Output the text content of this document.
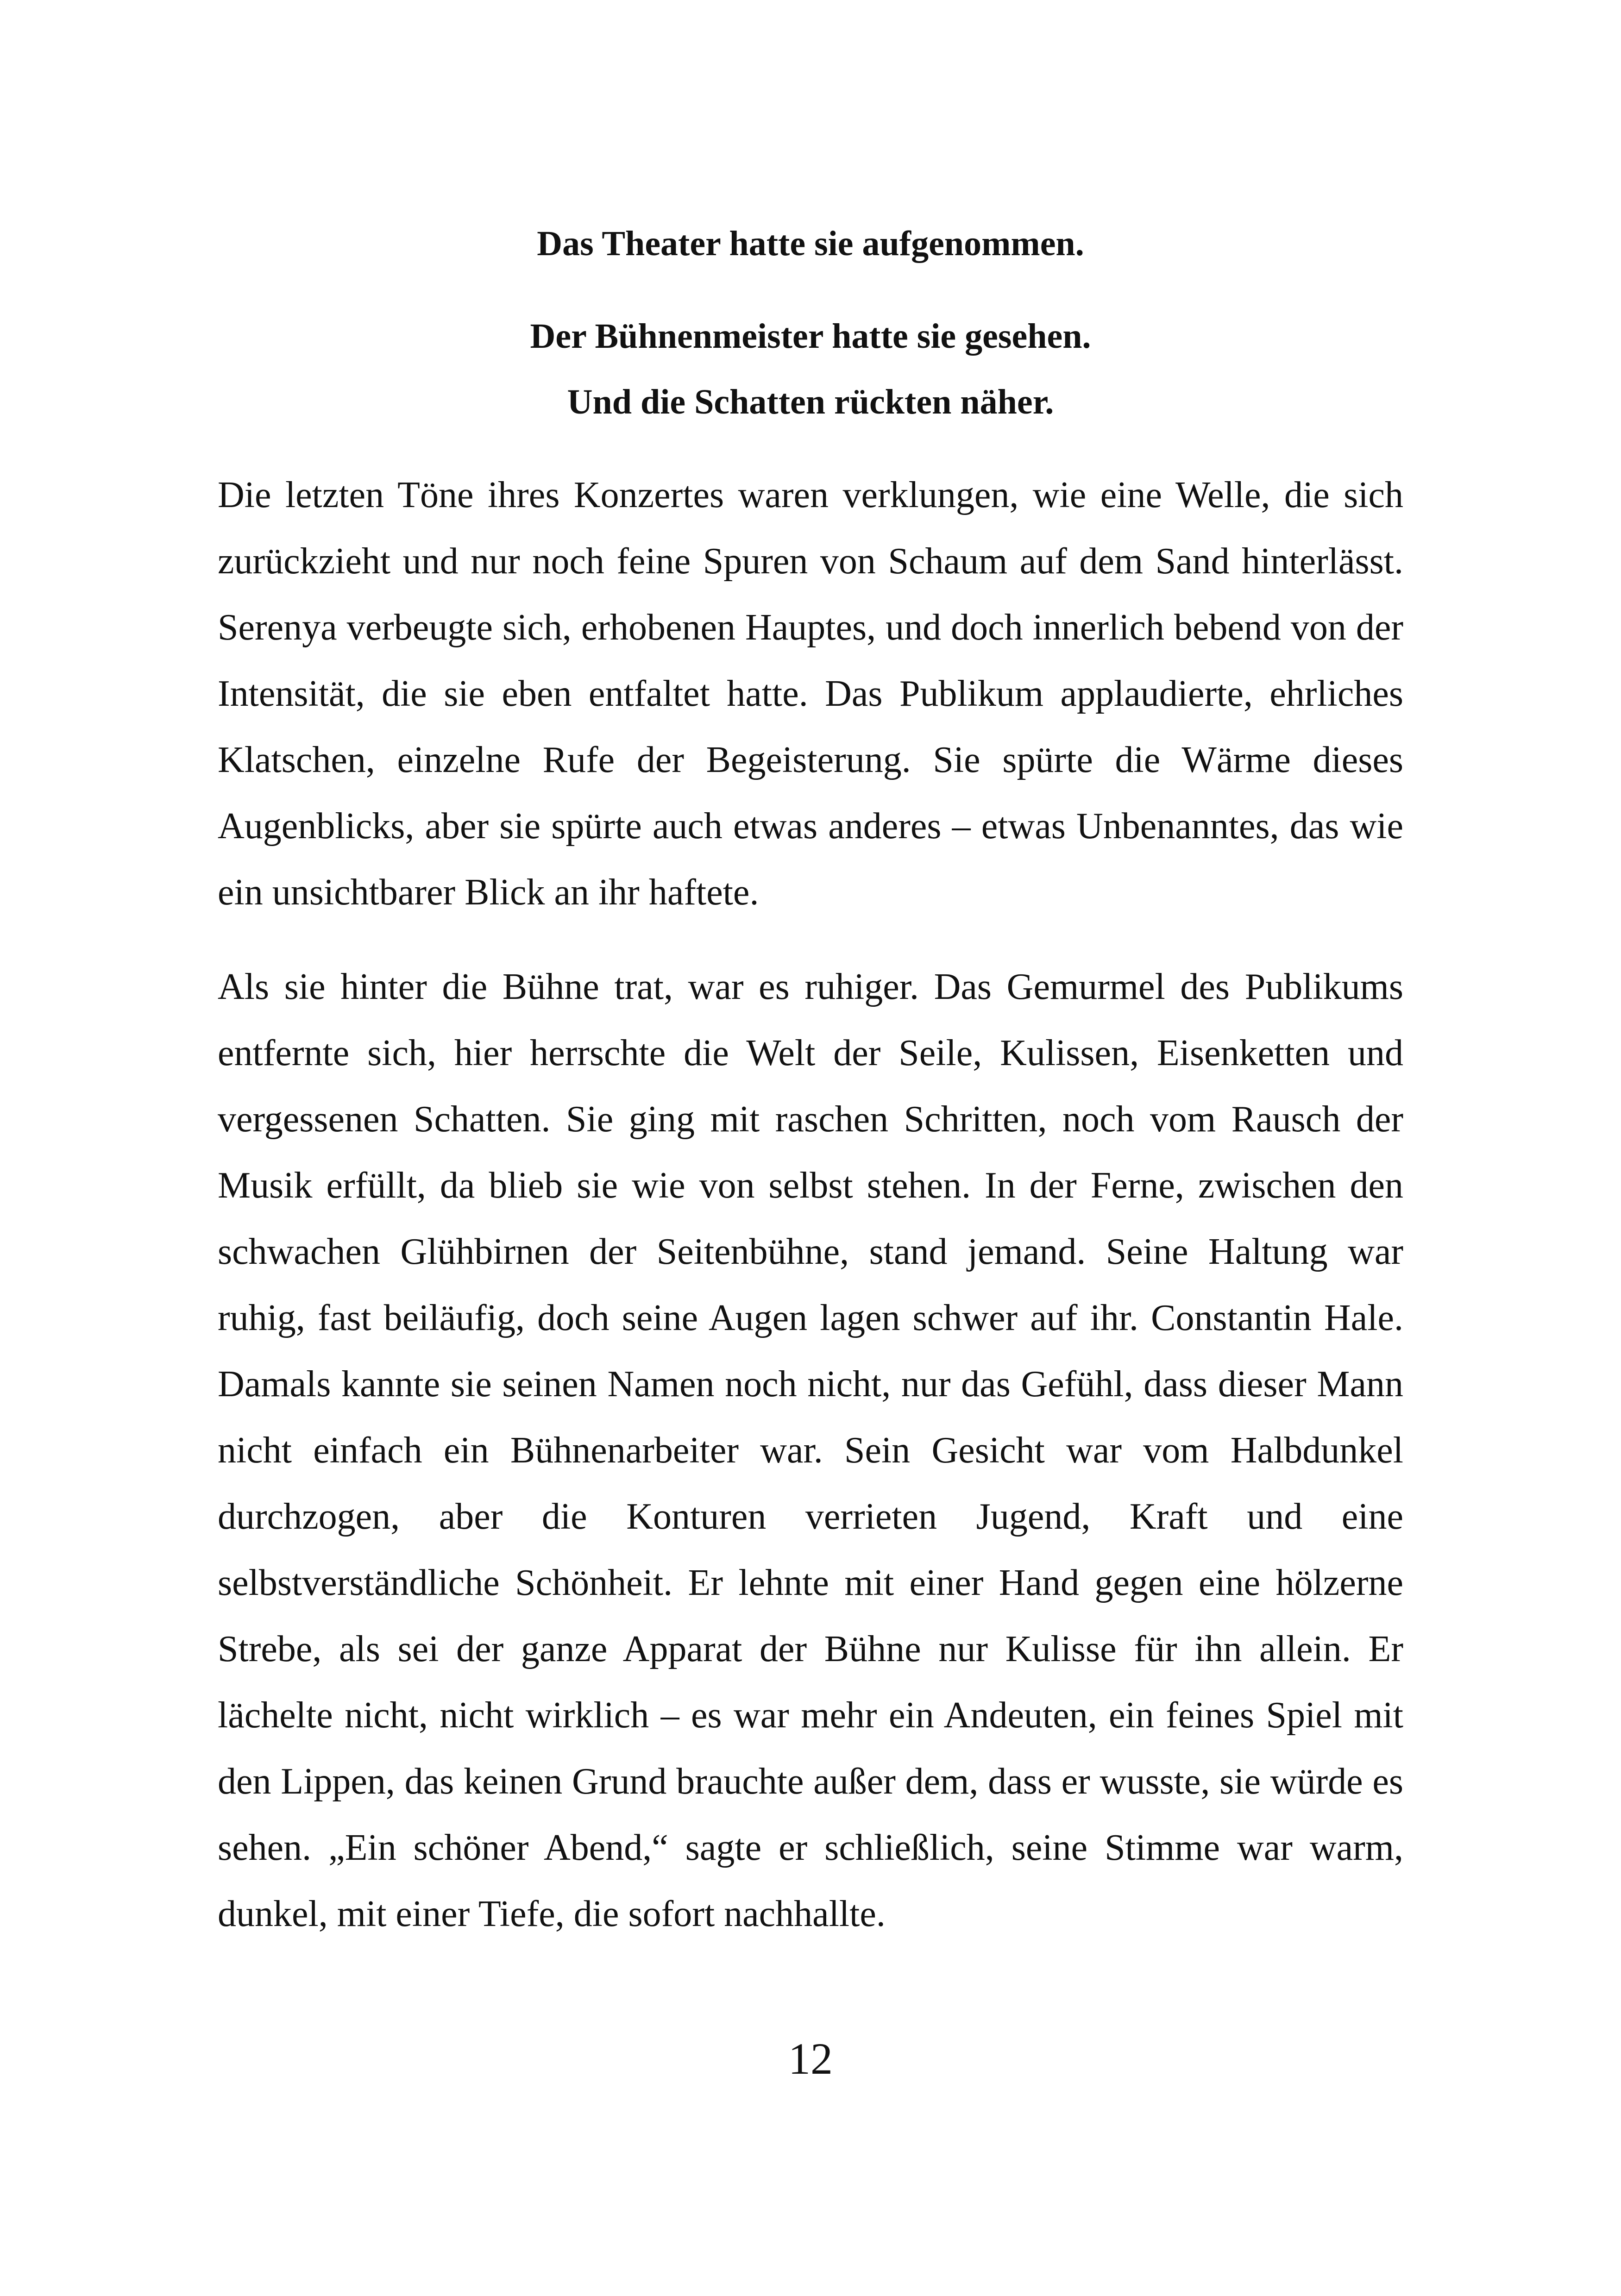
Das Theater hatte sie aufgenommen.
Der Bühnenmeister hatte sie gesehen.
Und die Schatten rückten näher.

Die letzten Töne ihres Konzertes waren verklungen, wie eine Welle, die sich zurückzieht und nur noch feine Spuren von Schaum auf dem Sand hinterlässt. Serenya verbeugte sich, erhobenen Hauptes, und doch innerlich bebend von der Intensität, die sie eben entfaltet hatte. Das Publikum applaudierte, ehrliches Klatschen, einzelne Rufe der Begeisterung. Sie spürte die Wärme dieses Augenblicks, aber sie spürte auch etwas anderes – etwas Unbenanntes, das wie ein unsichtbarer Blick an ihr haftete.

Als sie hinter die Bühne trat, war es ruhiger. Das Gemurmel des Publikums entfernte sich, hier herrschte die Welt der Seile, Kulissen, Eisenketten und vergessenen Schatten. Sie ging mit raschen Schritten, noch vom Rausch der Musik erfüllt, da blieb sie wie von selbst stehen. In der Ferne, zwischen den schwachen Glühbirnen der Seitenbühne, stand jemand. Seine Haltung war ruhig, fast beiläufig, doch seine Augen lagen schwer auf ihr. Constantin Hale. Damals kannte sie seinen Namen noch nicht, nur das Gefühl, dass dieser Mann nicht einfach ein Bühnenarbeiter war. Sein Gesicht war vom Halbdunkel durchzogen, aber die Konturen verrieten Jugend, Kraft und eine selbstverständliche Schönheit. Er lehnte mit einer Hand gegen eine hölzerne Strebe, als sei der ganze Apparat der Bühne nur Kulisse für ihn allein. Er lächelte nicht, nicht wirklich – es war mehr ein Andeuten, ein feines Spiel mit den Lippen, das keinen Grund brauchte außer dem, dass er wusste, sie würde es sehen. „Ein schöner Abend,“ sagte er schließlich, seine Stimme war warm, dunkel, mit einer Tiefe, die sofort nachhallte.

12
